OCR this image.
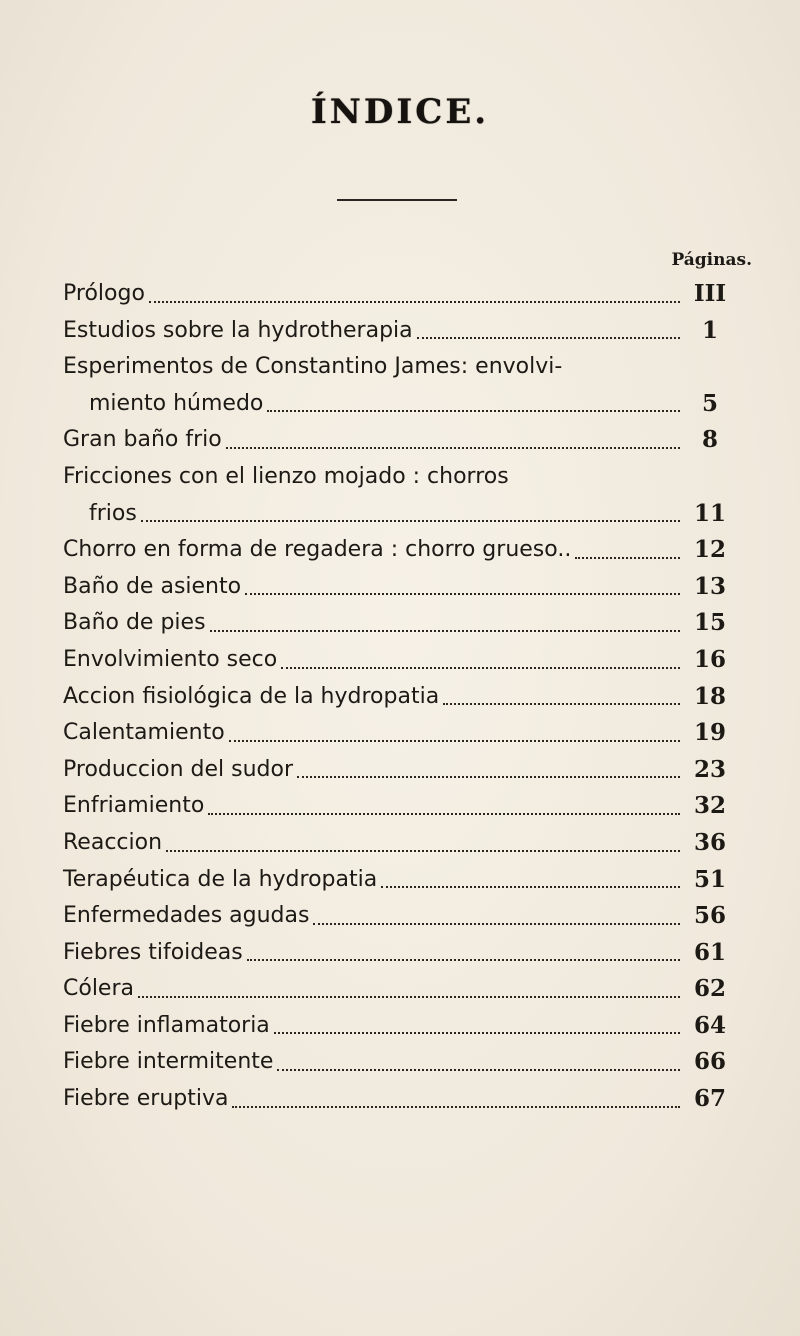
ÍNDICE.
Páginas.
Prólogo	III
Estudios sobre la hydrotherapia	1
Esperimentos de Constantino James: envolvi-
miento húmedo	5
Gran baño frio	8
Fricciones con el lienzo mojado : chorros
frios	11
Chorro en forma de regadera : chorro grueso..	12
Baño de asiento	13
Baño de pies	15
Envolvimiento seco	16
Accion fisiológica de la hydropatia	18
Calentamiento	19
Produccion del sudor	23
Enfriamiento	32
Reaccion	36
Terapéutica de la hydropatia	51
Enfermedades agudas	56
Fiebres tifoideas	61
Cólera	62
Fiebre inflamatoria	64
Fiebre intermitente	66
Fiebre eruptiva	67
